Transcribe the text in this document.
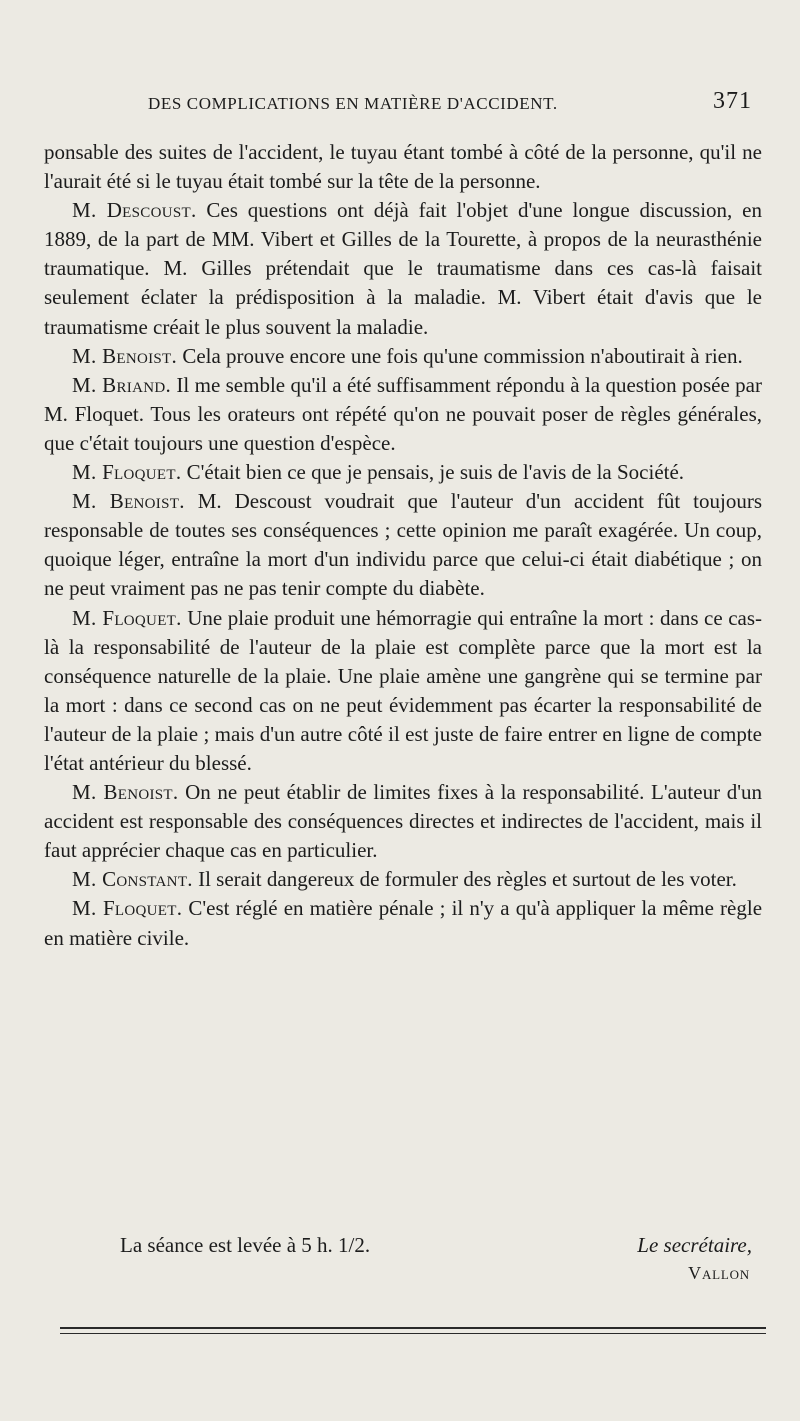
DES COMPLICATIONS EN MATIÈRE D'ACCIDENT.	371

ponsable des suites de l'accident, le tuyau étant tombé à côté de la personne, qu'il ne l'aurait été si le tuyau était tombé sur la tête de la personne.

M. Descoust. Ces questions ont déjà fait l'objet d'une longue discussion, en 1889, de la part de MM. Vibert et Gilles de la Tourette, à propos de la neurasthénie traumatique. M. Gilles prétendait que le traumatisme dans ces cas-là faisait seulement éclater la prédisposition à la maladie. M. Vibert était d'avis que le traumatisme créait le plus souvent la maladie.

M. Benoist. Cela prouve encore une fois qu'une commission n'aboutirait à rien.

M. Briand. Il me semble qu'il a été suffisamment répondu à la question posée par M. Floquet. Tous les orateurs ont répété qu'on ne pouvait poser de règles générales, que c'était toujours une question d'espèce.

M. Floquet. C'était bien ce que je pensais, je suis de l'avis de la Société.

M. Benoist. M. Descoust voudrait que l'auteur d'un accident fût toujours responsable de toutes ses conséquences ; cette opinion me paraît exagérée. Un coup, quoique léger, entraîne la mort d'un individu parce que celui-ci était diabétique ; on ne peut vraiment pas ne pas tenir compte du diabète.

M. Floquet. Une plaie produit une hémorragie qui entraîne la mort : dans ce cas-là la responsabilité de l'auteur de la plaie est complète parce que la mort est la conséquence naturelle de la plaie. Une plaie amène une gangrène qui se termine par la mort : dans ce second cas on ne peut évidemment pas écarter la responsabilité de l'auteur de la plaie ; mais d'un autre côté il est juste de faire entrer en ligne de compte l'état antérieur du blessé.

M. Benoist. On ne peut établir de limites fixes à la responsabilité. L'auteur d'un accident est responsable des conséquences directes et indirectes de l'accident, mais il faut apprécier chaque cas en particulier.

M. Constant. Il serait dangereux de formuler des règles et surtout de les voter.

M. Floquet. C'est réglé en matière pénale ; il n'y a qu'à appliquer la même règle en matière civile.

La séance est levée à 5 h. 1/2.	Le secrétaire,
Vallon
